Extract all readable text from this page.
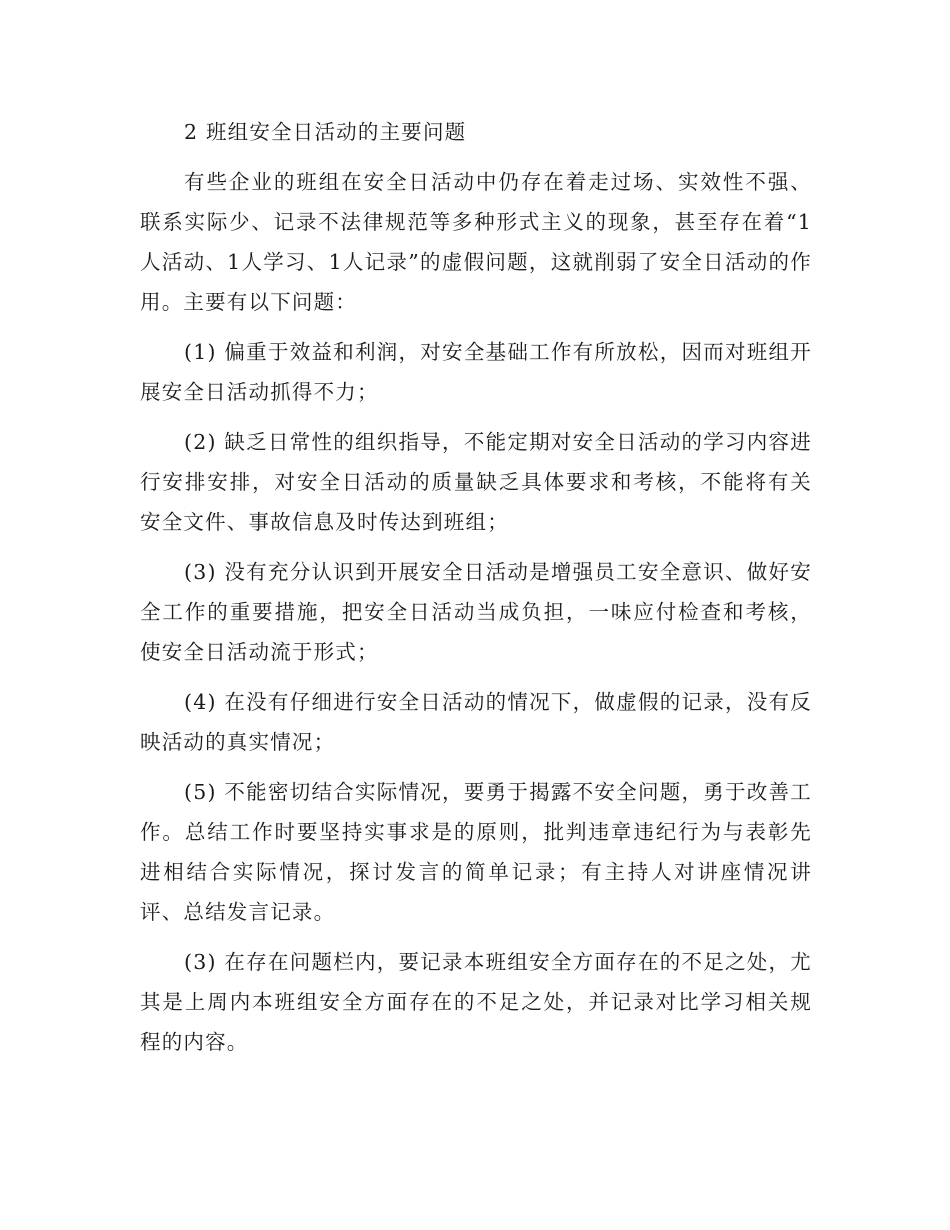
2 班组安全日活动的主要问题

有些企业的班组在安全日活动中仍存在着走过场、实效性不强、联系实际少、记录不法律规范等多种形式主义的现象，甚至存在着“1人活动、1人学习、1人记录”的虚假问题，这就削弱了安全日活动的作用。主要有以下问题：

(1) 偏重于效益和利润，对安全基础工作有所放松，因而对班组开展安全日活动抓得不力；

(2) 缺乏日常性的组织指导，不能定期对安全日活动的学习内容进行安排安排，对安全日活动的质量缺乏具体要求和考核，不能将有关安全文件、事故信息及时传达到班组；

(3) 没有充分认识到开展安全日活动是增强员工安全意识、做好安全工作的重要措施，把安全日活动当成负担，一味应付检查和考核，使安全日活动流于形式；

(4) 在没有仔细进行安全日活动的情况下，做虚假的记录，没有反映活动的真实情况；

(5) 不能密切结合实际情况，要勇于揭露不安全问题，勇于改善工作。总结工作时要坚持实事求是的原则，批判违章违纪行为与表彰先进相结合实际情况，探讨发言的简单记录；有主持人对讲座情况讲评、总结发言记录。

(3) 在存在问题栏内，要记录本班组安全方面存在的不足之处，尤其是上周内本班组安全方面存在的不足之处，并记录对比学习相关规程的内容。
